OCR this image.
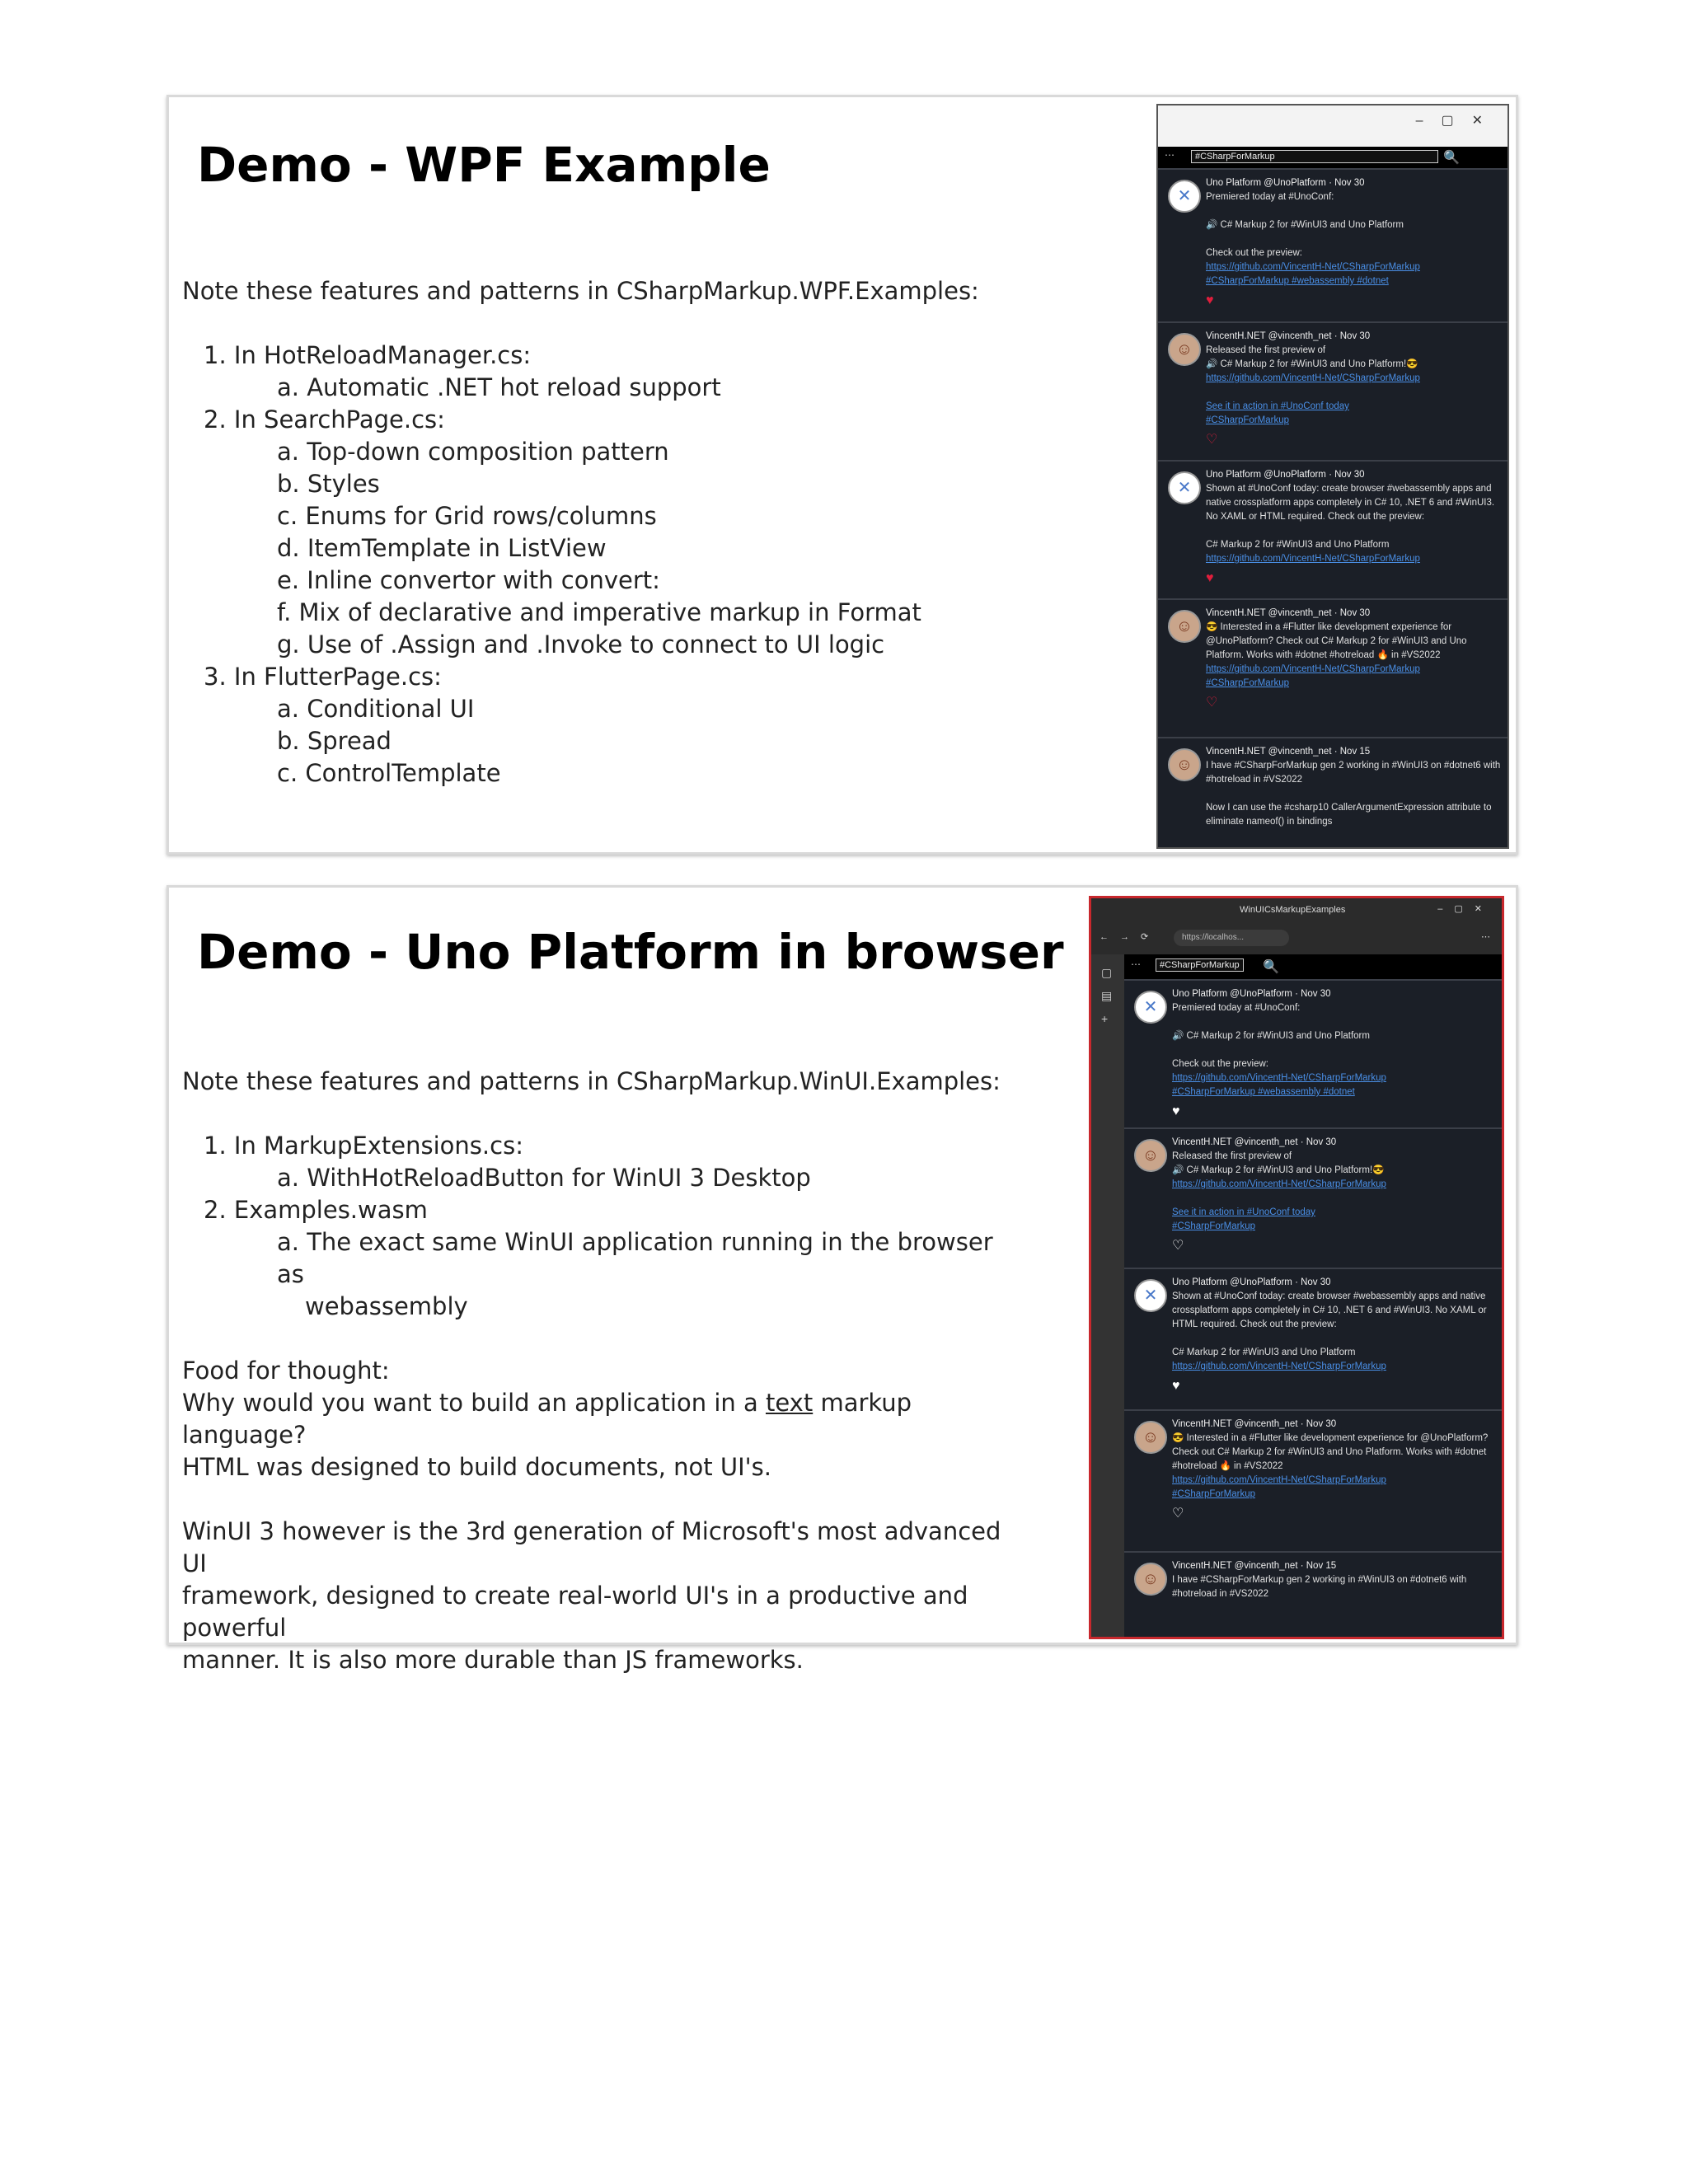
Demo - WPF Example

Note these features and patterns in CSharpMarkup.WPF.Examples:

1. In HotReloadManager.cs:

a. Automatic .NET hot reload support

2. In SearchPage.cs:

a. Top-down composition pattern

b. Styles

c. Enums for Grid rows/columns

d. ItemTemplate in ListView

e. Inline convertor with convert:

f. Mix of declarative and imperative markup in Format

g. Use of .Assign and .Invoke to connect to UI logic

3. In FlutterPage.cs:

a. Conditional UI

b. Spread

c. ControlTemplate

–▢✕
⋯	#CSharpForMarkup	🔍
✕
Uno Platform @UnoPlatform · Nov 30
Premiered today at #UnoConf:

🔊 C# Markup 2 for #WinUI3 and Uno Platform

Check out the preview:
https://github.com/VincentH-Net/CSharpForMarkup
#CSharpForMarkup #webassembly #dotnet
♥
☺
VincentH.NET @vincenth_net · Nov 30
Released the first preview of
🔊 C# Markup 2 for #WinUI3 and Uno Platform!😎
https://github.com/VincentH-Net/CSharpForMarkup

See it in action in #UnoConf today
#CSharpForMarkup
♡
✕
Uno Platform @UnoPlatform · Nov 30
Shown at #UnoConf today: create browser #webassembly apps and native crossplatform apps completely in C# 10, .NET 6 and #WinUI3. No XAML or HTML required. Check out the preview:

C# Markup 2 for #WinUI3 and Uno Platform
https://github.com/VincentH-Net/CSharpForMarkup
♥
☺
VincentH.NET @vincenth_net · Nov 30
😎 Interested in a #Flutter like development experience for @UnoPlatform? Check out C# Markup 2 for #WinUI3 and Uno Platform. Works with #dotnet #hotreload 🔥 in #VS2022
https://github.com/VincentH-Net/CSharpForMarkup
#CSharpForMarkup
♡
☺
VincentH.NET @vincenth_net · Nov 15
I have #CSharpForMarkup gen 2 working in #WinUI3 on #dotnet6 with #hotreload in #VS2022

Now I can use the #csharp10 CallerArgumentExpression attribute to eliminate nameof() in bindings
Demo - Uno Platform in browser

Note these features and patterns in CSharpMarkup.WinUI.Examples:

1. In MarkupExtensions.cs:

a. WithHotReloadButton for WinUI 3 Desktop

2. Examples.wasm

a. The exact same WinUI application running in the browser as

webassembly

Food for thought:

Why would you want to build an application in a text markup language?

HTML was designed to build documents, not UI's.

WinUI 3 however is the 3rd generation of Microsoft's most advanced UI

framework, designed to create real-world UI's in a productive and powerful

manner. It is also more durable than JS frameworks.

WinUICsMarkupExamples	–▢✕
←→⟳	https://localhos...	⋯
▢
▤
+
⋯	#CSharpForMarkup	🔍
✕
Uno Platform @UnoPlatform · Nov 30
Premiered today at #UnoConf:

🔊 C# Markup 2 for #WinUI3 and Uno Platform

Check out the preview:
https://github.com/VincentH-Net/CSharpForMarkup
#CSharpForMarkup #webassembly #dotnet
♥
☺
VincentH.NET @vincenth_net · Nov 30
Released the first preview of
🔊 C# Markup 2 for #WinUI3 and Uno Platform!😎
https://github.com/VincentH-Net/CSharpForMarkup

See it in action in #UnoConf today
#CSharpForMarkup
♡
✕
Uno Platform @UnoPlatform · Nov 30
Shown at #UnoConf today: create browser #webassembly apps and native crossplatform apps completely in C# 10, .NET 6 and #WinUI3. No XAML or HTML required. Check out the preview:

C# Markup 2 for #WinUI3 and Uno Platform
https://github.com/VincentH-Net/CSharpForMarkup
♥
☺
VincentH.NET @vincenth_net · Nov 30
😎 Interested in a #Flutter like development experience for @UnoPlatform? Check out C# Markup 2 for #WinUI3 and Uno Platform. Works with #dotnet #hotreload 🔥 in #VS2022
https://github.com/VincentH-Net/CSharpForMarkup
#CSharpForMarkup
♡
☺
VincentH.NET @vincenth_net · Nov 15
I have #CSharpForMarkup gen 2 working in #WinUI3 on #dotnet6 with #hotreload in #VS2022
